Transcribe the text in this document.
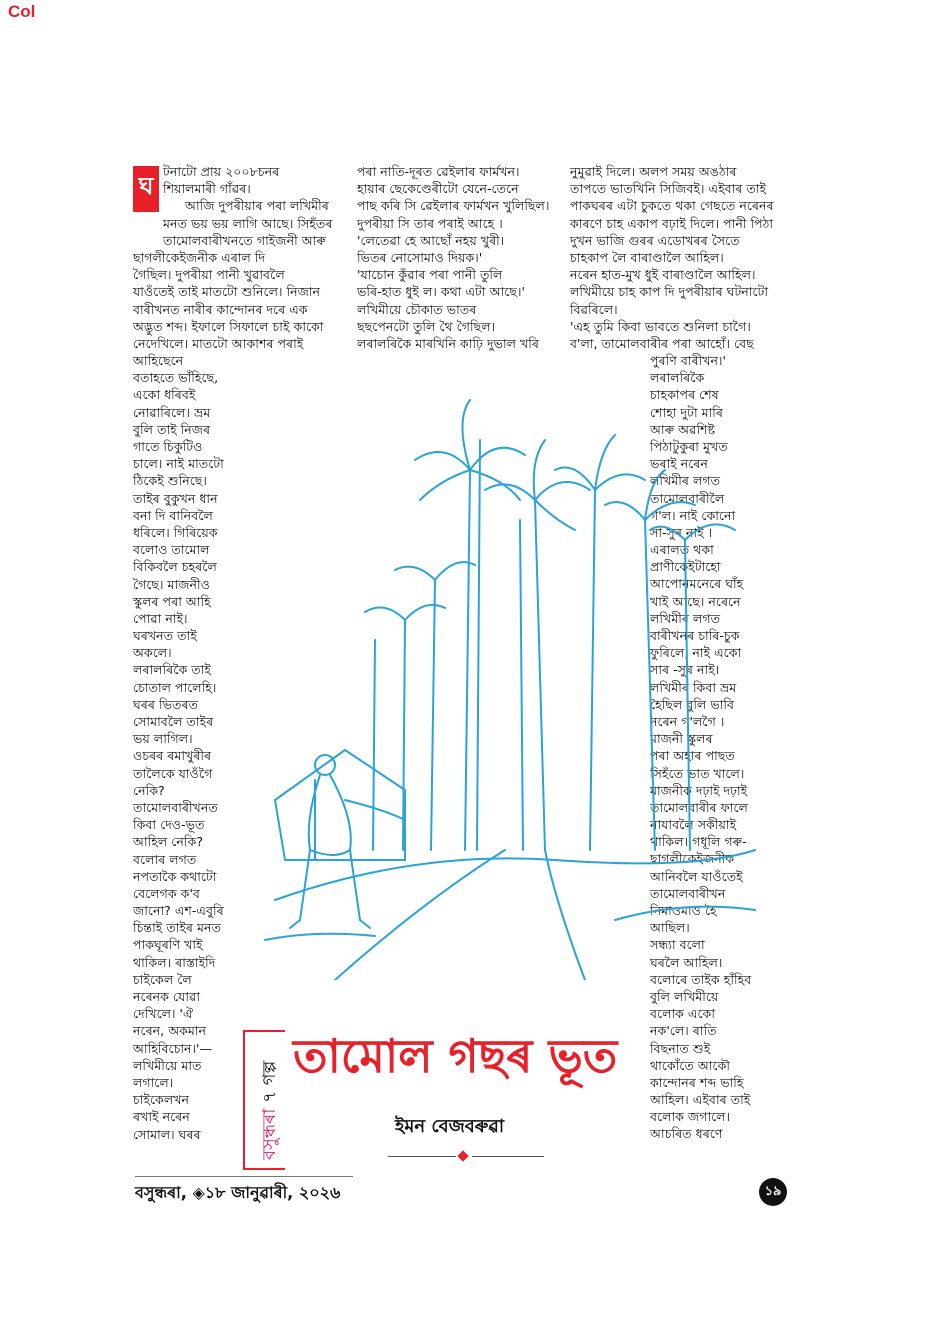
Col
ঘ
টনাটো প্ৰায় ২০০৮চনৰ
শিয়ালমাৰী গাঁৱৰ।
আজি দুপৰীয়াৰ পৰা লখিমীৰ
মনত ভয় ভয় লাগি আছে। সিহঁতৰ
তামোলবাৰীখনতে গাইজনী আৰু
ছাগলীকেইজনীক এৰাল দি
গৈছিল। দুপৰীয়া পানী খুৱাবলৈ
যাওঁতেই তাই মাতটো শুনিলে। নিজান
বাৰীখনত নাৰীৰ কান্দোনৰ দৰে এক
অদ্ভুত শব্দ। ইফালে সিফালে চাই কাকো
নেদেখিলে। মাতটো আকাশৰ পৰাই
আহিছেনে
বতাহতে ভাঁহিছে,
একো ধৰিবই
নোৱাৰিলে। ভ্ৰম
বুলি তাই নিজৰ
গাতে চিকুটিও
চালে। নাই মাতটো
ঠিকেই শুনিছে।
তাইৰ বুকুখন ধান
বনা দি বানিবলৈ
ধৰিলে। গিৰিয়েক
বলোও তামোল
বিকিবলৈ চহৰলৈ
গৈছে। মাজনীও
স্কুলৰ পৰা আহি
পোৱা নাই।
ঘৰখনত তাই
অকলে।
লৰালৰিকৈ তাই
চোতাল পালেহি।
ঘৰৰ ভিতৰত
সোমাবলৈ তাইৰ
ভয় লাগিল।
ওচৰৰ ৰমাখুৰীৰ
তালৈকে যাওঁগৈ
নেকি?
তামোলবাৰীখনত
কিবা দেও-ভূত
আহিল নেকি?
বলোৰ লগত
নপতাকৈ কথাটো
বেলেগক ক'ব
জানো? এশ-এবুৰি
চিন্তাই তাইৰ মনত
পাকঘূৰণি খাই
থাকিল। ৰাস্তাইদি
চাইকেল লৈ
নৰেনক যোৱা
দেখিলে। 'ঐ
নৰেন, অকমান
আহিবিচোন।'—
লখিমীয়ে মাত
লগালে।
চাইকেলখন
ৰখাই নৰেন
সোমাল। ঘৰৰ
পৰা নাতি-দূৰত ৱেইলাৰ ফাৰ্মখন।
হায়াৰ ছেকেণ্ডেৰীটো যেনে-তেনে
পাছ কৰি সি ৱেইলাৰ ফাৰ্মখন খুলিছিল।
দুপৰীয়া সি তাৰ পৰাই আহে ।
'লেতেৱা হে আছোঁ নহয় খুৰী।
ভিতৰ নোসোমাও দিয়ক।'
'যাচোন কুঁৱাৰ পৰা পানী তুলি
ভৰি-হাত ধুই ল। কথা এটা আছে।'
লখিমীয়ে চৌকাত ভাতৰ
ছছপেনটো তুলি থৈ গৈছিল।
লৰালৰিকৈ মাৰখিনি কাঢ়ি দুভাল খৰি
নুমুৱাই দিলে। অলপ সময় অঙঠাৰ
তাপতে ভাতখিনি সিজিবই। এইবাৰ তাই
পাকঘৰৰ এটা চুকতে থকা গেছতে নৰেনৰ
কাৰণে চাহ একাপ বঢ়াই দিলে। পানী পিঠা
দুখন ভাজি গুৰৰ এডোখৰৰ সৈতে
চাহকাপ লৈ বাৰাণ্ডালৈ আহিল।
নৰেন হাত-মুখ ধুই বাৰাণ্ডালৈ আহিল।
লখিমীয়ে চাহ কাপ দি দুপৰীয়াৰ ঘটনাটো
বিৱৰিলে।
'এহ তুমি কিবা ভাবতে শুনিলা চাগৈ।
ব'লা, তামোলবাৰীৰ পৰা আহোঁ। বেছ
পুৰণি বাৰীখন।'
লৰালৰিকৈ
চাহকাপৰ শেষ
শোহা দুটা মাৰি
আৰু অৱশিষ্ট
পিঠাটুকুৰা মুখত
ভৰাই নৰেন
লখিমীৰ লগত
তামোলবাৰীলৈ
গ'ল। নাই কোনো
সা-সুৰ নাই ।
এৰালত থকা
প্ৰাণীকেইটাহো
আপোনমনেৰে ঘাঁহ
খাই আছে। নৰেনে
লখিমীৰ লগত
বাৰীখনৰ চাৰি-চুক
ফুৰিলে, নাই একো
সাৰ -সুৰ নাই।
লখিমীৰ কিবা ভ্ৰম
হৈছিল বুলি ভাবি
নৰেন গ'লগৈ ।
মাজনী স্কুলৰ
পৰা অহাৰ পাছত
সিহঁতে ভাত খালে।
মাজনীক দঢ়াই দঢ়াই
তামোলবাৰীৰ ফালে
নাযাবলৈ সকীয়াই
থাকিল। গধূলি গৰু-
ছাগলীকেইজনীক
আনিবলৈ যাওঁতেই
তামোলবাৰীখন
নিমাওমাও হৈ
আছিল।
সন্ধ্যা বলো
ঘৰলৈ আহিল।
বলোৰে তাইক হাঁহিব
বুলি লখিমীয়ে
বলোক একো
নক'লে। ৰাতি
বিছনাত শুই
থাকোঁতে আকৌ
কান্দোনৰ শব্দ ভাহি
আহিল। এইবাৰ তাই
বলোক জগালে।
আচৰিত ধৰণে
বসুন্ধৰা ৭ গল্প তামোল গছৰ ভূত
ইমন বেজবৰুৱা
বসুন্ধৰা, ◈১৮ জানুৱাৰী, ২০২৬	১৯
